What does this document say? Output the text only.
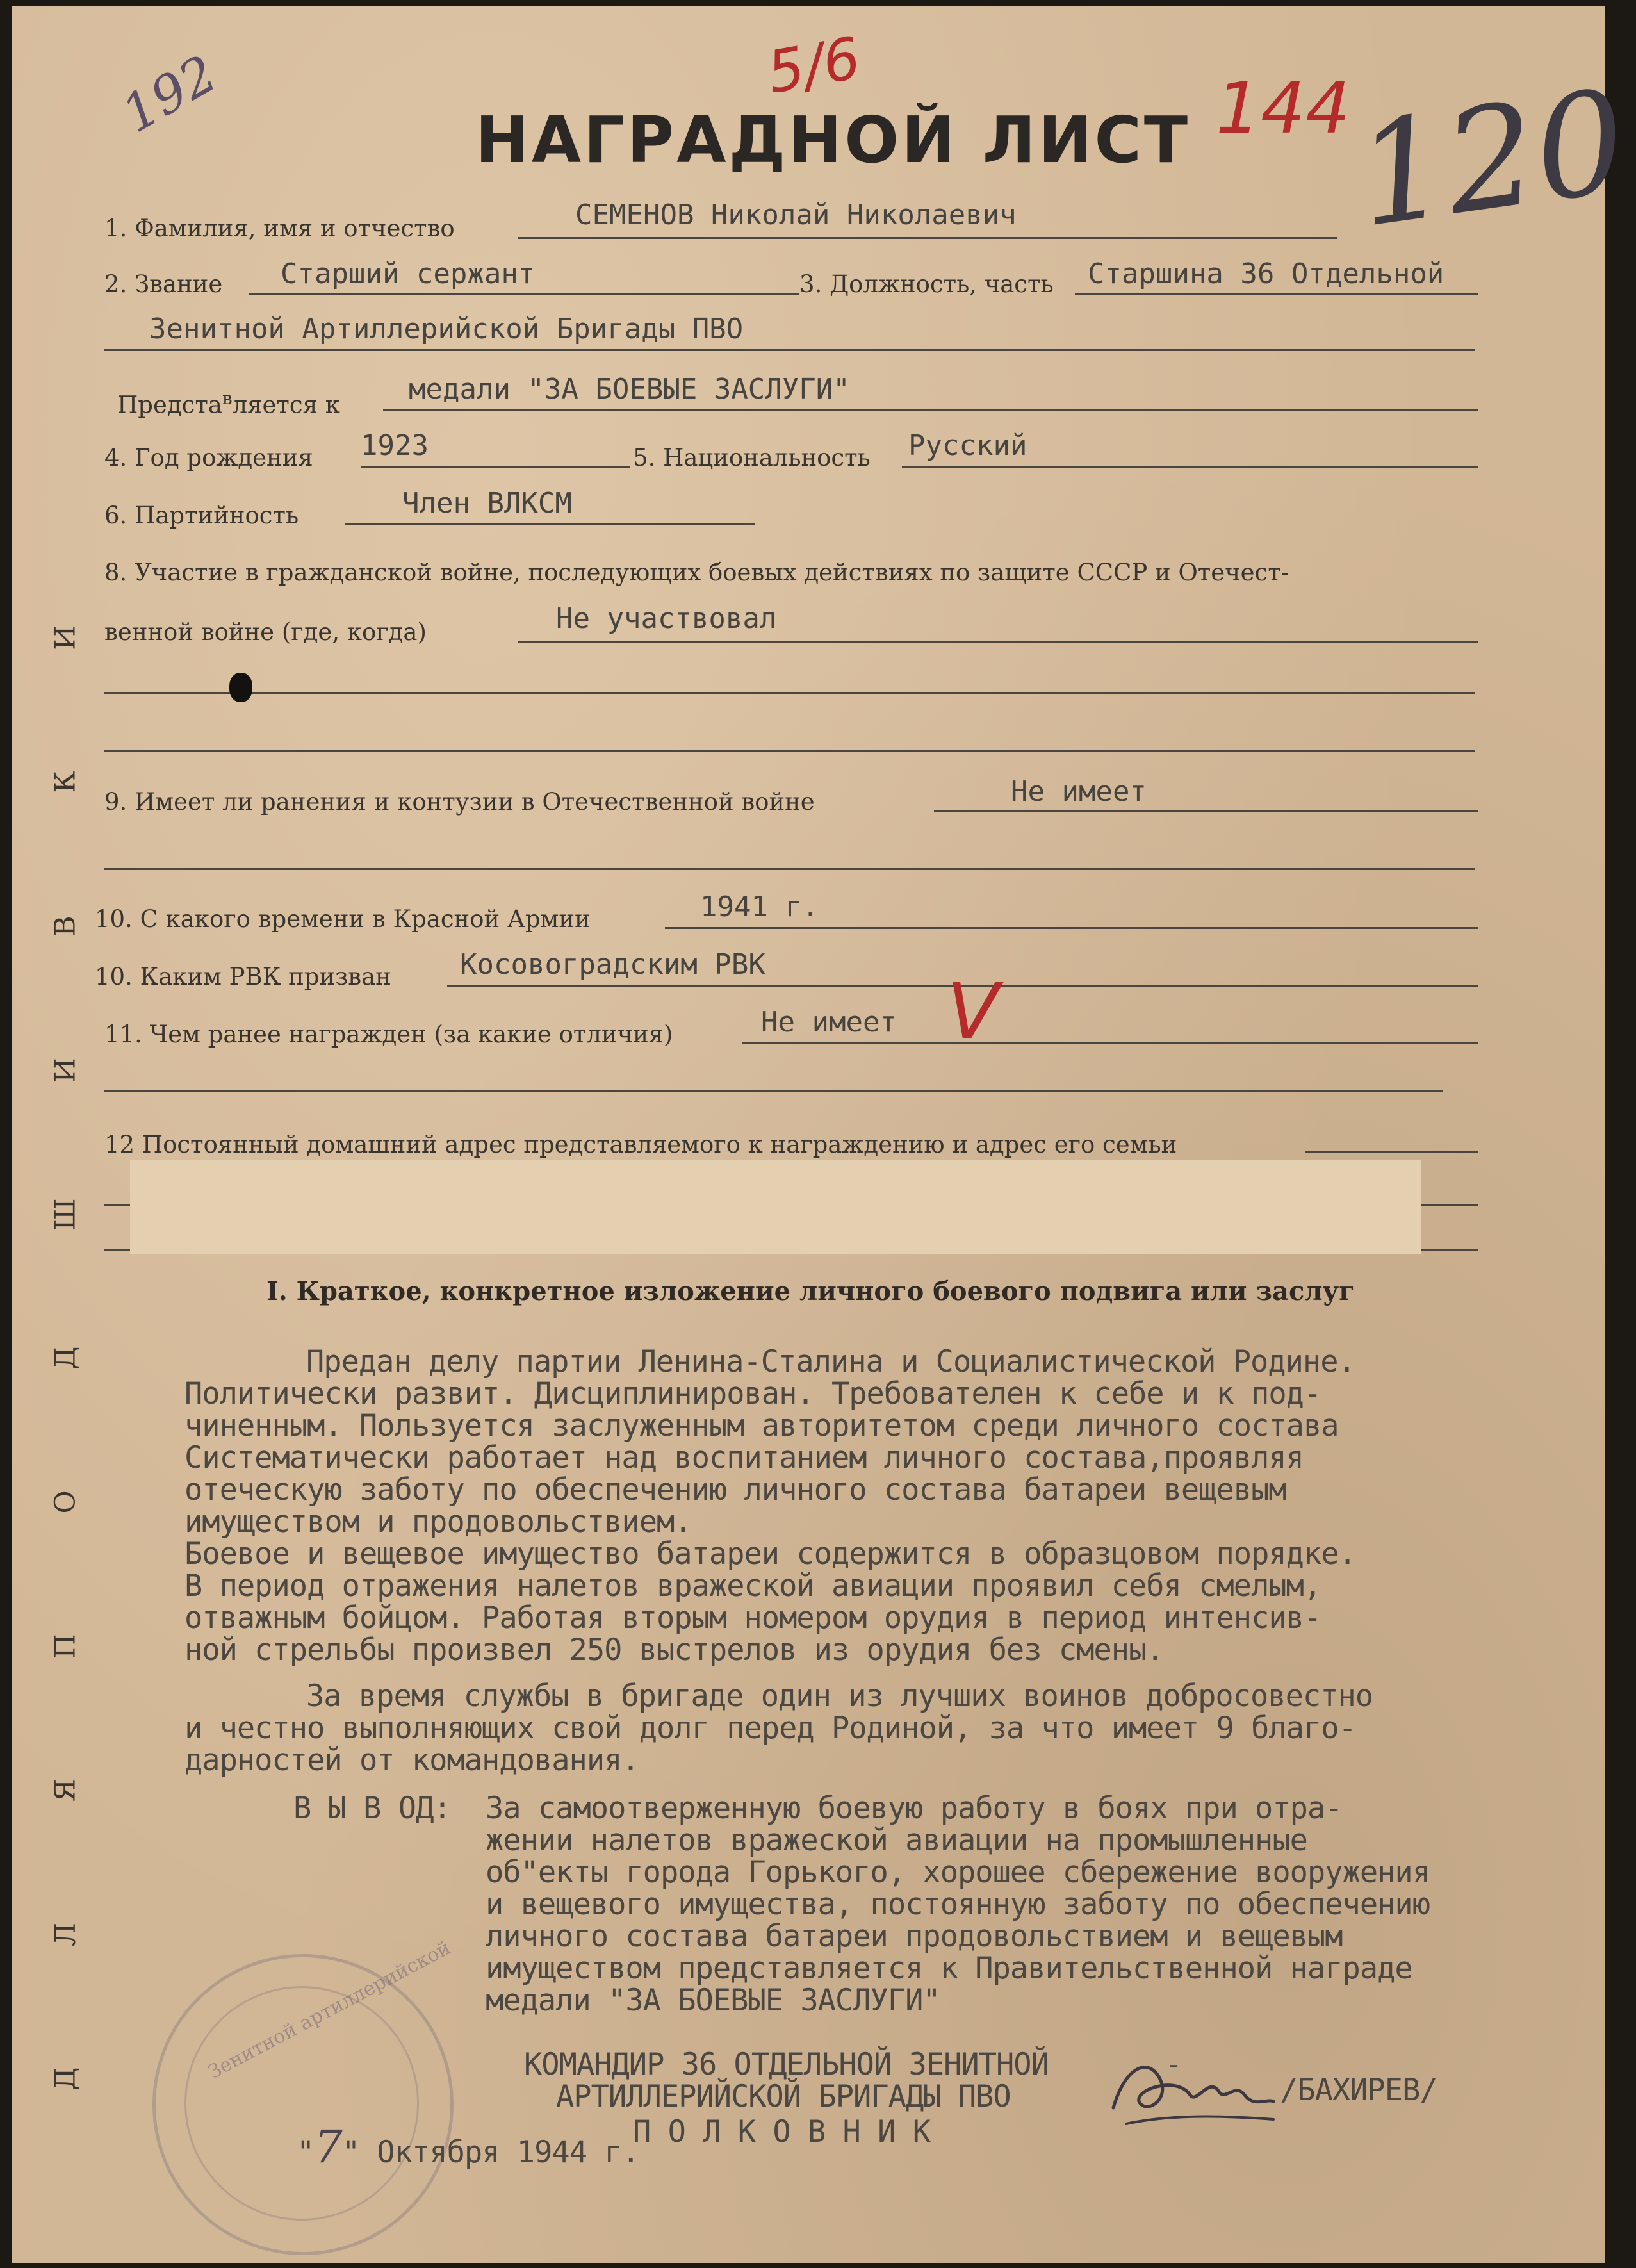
192	5/6
144
120
НАГРАДНОЙ ЛИСТ
1. Фамилия, имя и отчество	СЕМЕНОВ Николай Николаевич
2. Звание Старший сержант	3. Должность, часть Старшина 36 Отдельной
Зенитной Артиллерийской Бригады ПВО
Предста$^в$ляется к медали "ЗА БОЕВЫЕ ЗАСЛУГИ"
4. Год рождения 1923	5. Национальность Русский
6. Партийность	Член ВЛКСМ
8. Участие в гражданской войне, последующих боевых действиях по защите СССР и Отечест-
венной войне (где, когда)	Не участвовал
9. Имеет ли ранения и контузии в Отечественной войне	Не имеет
10. С какого времени в Красной Армии	1941 г.
10. Каким РВК призван Косовоградским РВК
11. Чем ранее награжден (за какие отличия)	Не имеет V
12 Постоянный домашний адрес представляемого к награждению и адрес его семьи
И
К
В
И
Ш
Д
О
П
Я
Л
Д
I. Краткое, конкретное изложение личного боевого подвига или заслуг
Предан делу партии Ленина-Сталина и Социалистической Родине.
Политически развит. Дисциплинирован. Требователен к себе и к под-
чиненным. Пользуется заслуженным авторитетом среди личного состава
Систематически работает над воспитанием личного состава,проявляя
отеческую заботу по обеспечению личного состава батареи вещевым
имуществом и продовольствием.
Боевое и вещевое имущество батареи содержится в образцовом порядке.
В период отражения налетов вражеской авиации проявил себя смелым,
отважным бойцом. Работая вторым номером орудия в период интенсив-
ной стрельбы произвел 250 выстрелов из орудия без смены.
За время службы в бригаде один из лучших воинов добросовестно
и честно выполняющих свой долг перед Родиной, за что имеет 9 благо-
дарностей от командования.
В Ы В ОД: За самоотверженную боевую работу в боях при отра-
жении налетов вражеской авиации на промышленные
об"екты города Горького, хорошее сбережение вооружения
и вещевого имущества, постоянную заботу по обеспечению
личного состава батареи продовольствием и вещевым
имуществом представляется к Правительственной награде
медали "ЗА БОЕВЫЕ ЗАСЛУГИ"
Зенитной артиллерийской КОМАНДИР 36 ОТДЕЛЬНОЙ ЗЕНИТНОЙ	-
АРТИЛЛЕРИЙСКОЙ БРИГАДЫ ПВО
П О Л К О В Н И К
/БАХИРЕВ/
"7" Октября 1944 г.
